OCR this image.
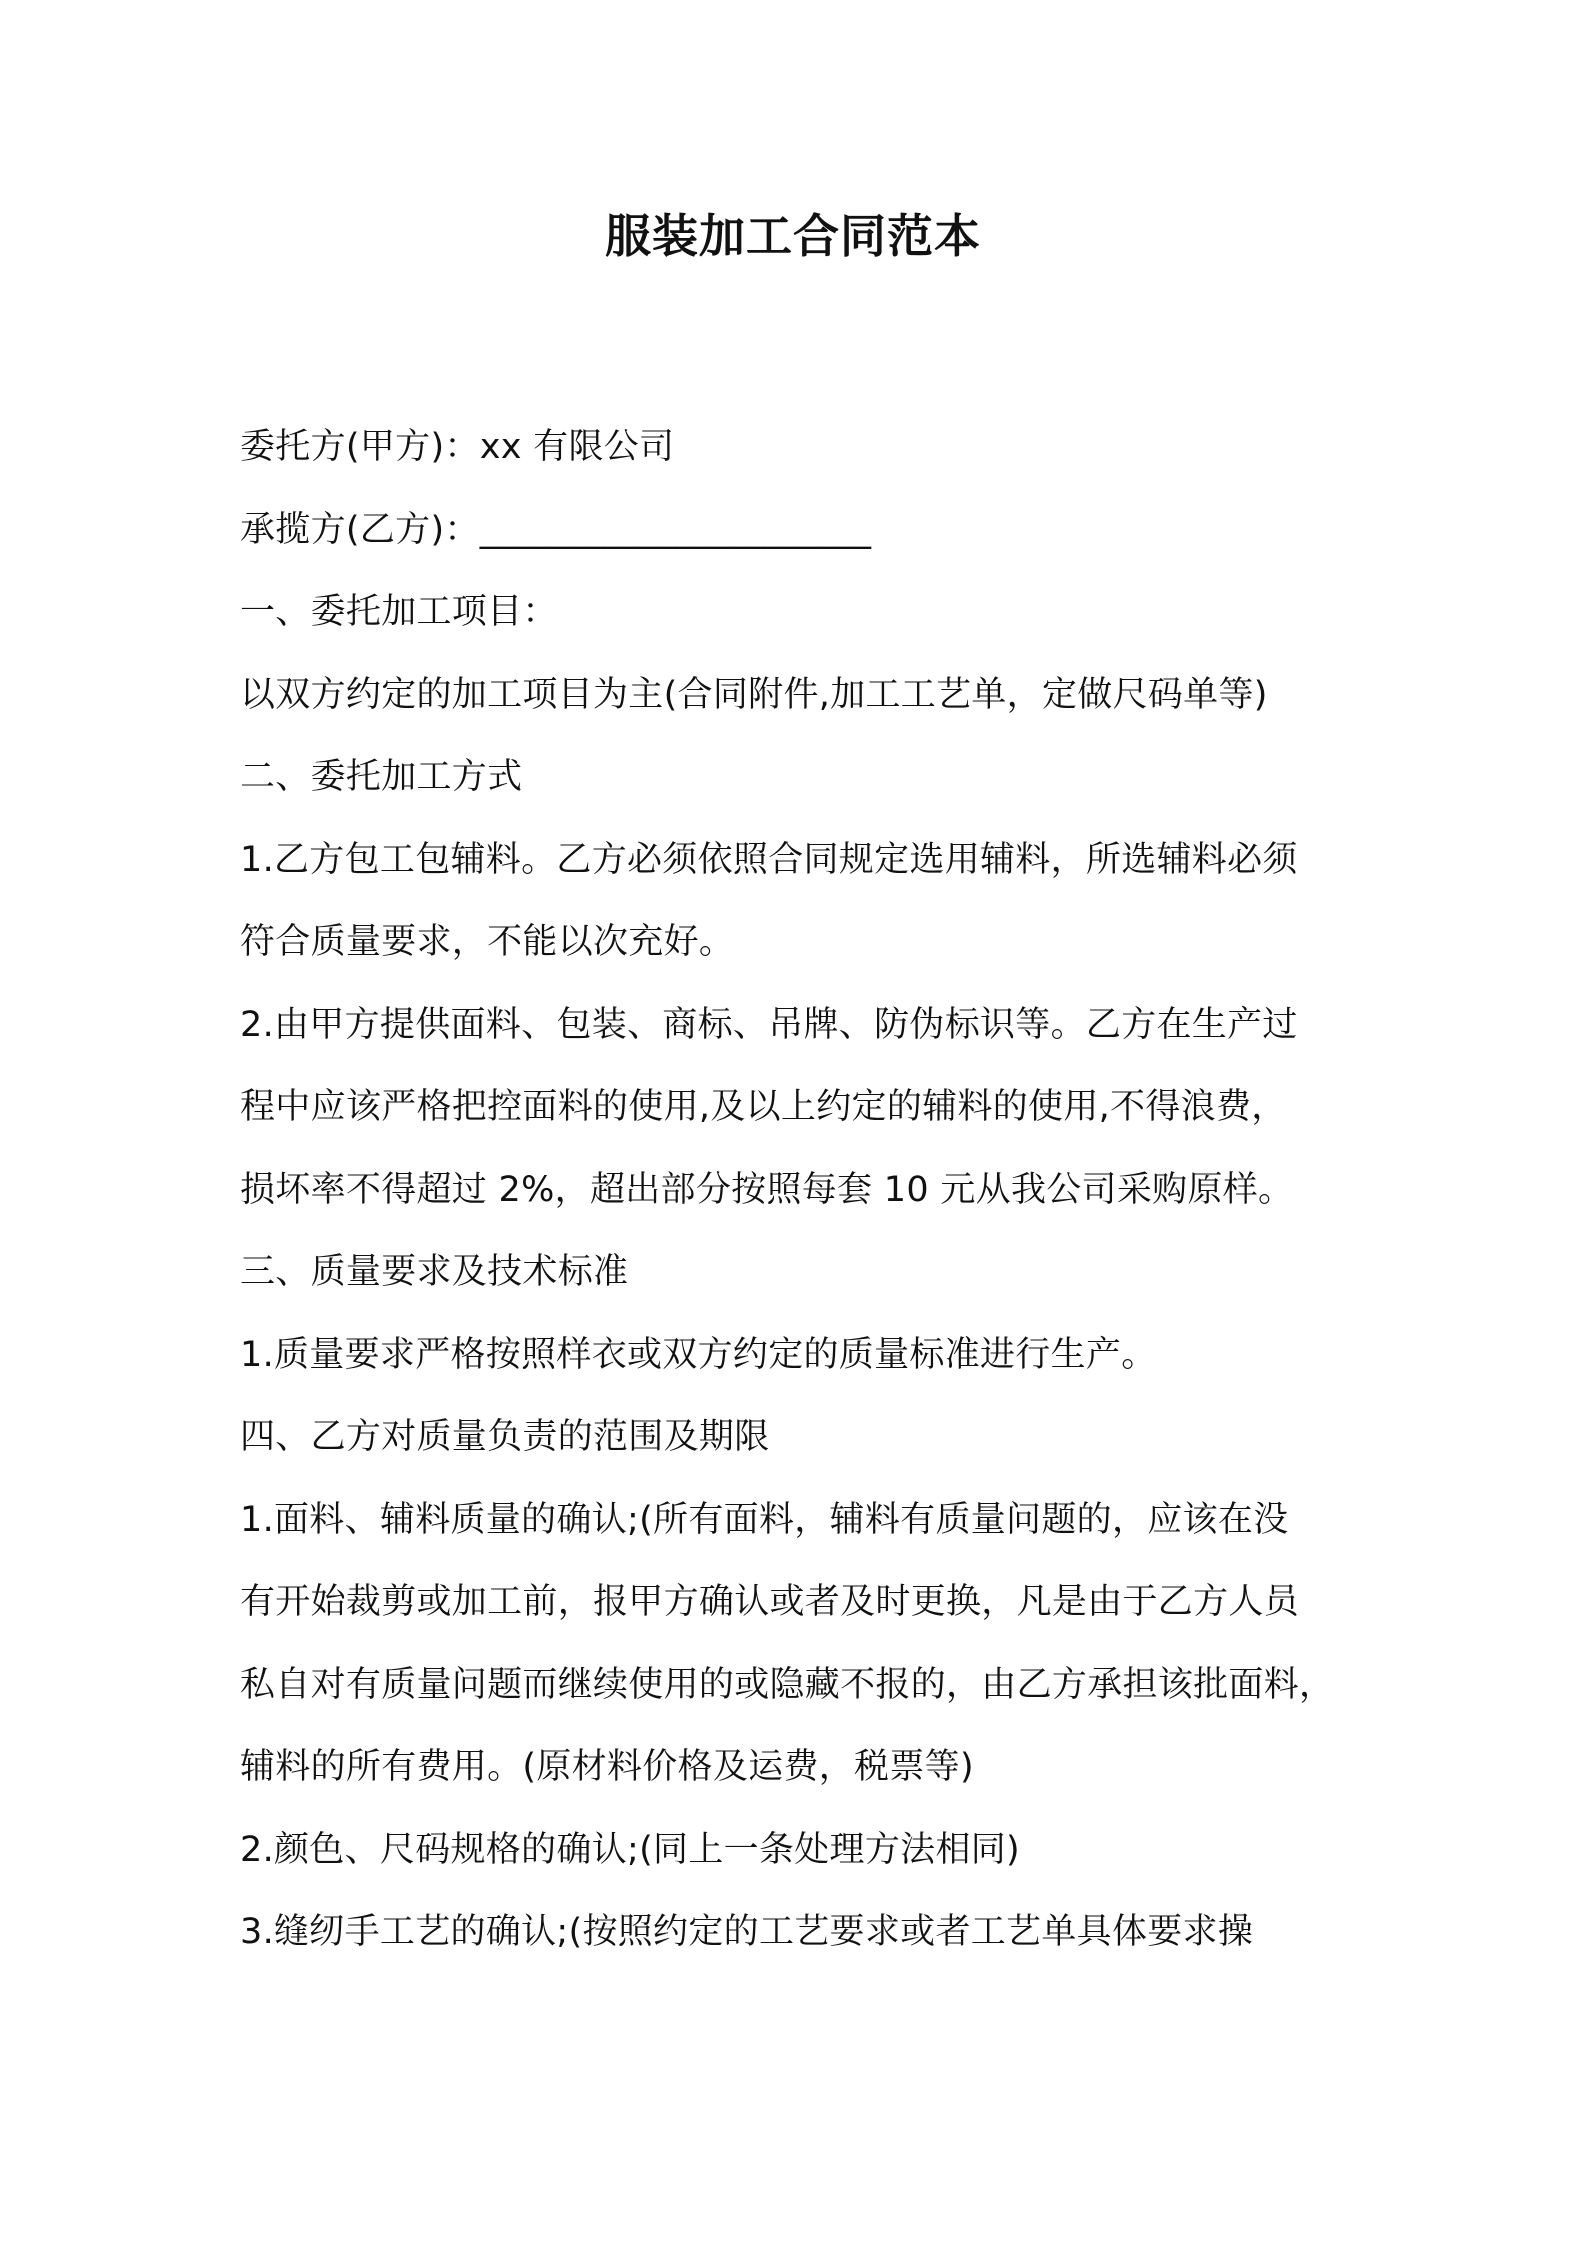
服装加工合同范本
委托方(甲方)：xx 有限公司
承揽方(乙方)：______________________
一、委托加工项目：
以双方约定的加工项目为主(合同附件,加工工艺单，定做尺码单等)
二、委托加工方式
1.乙方包工包辅料。乙方必须依照合同规定选用辅料，所选辅料必须
符合质量要求，不能以次充好。
2.由甲方提供面料、包装、商标、吊牌、防伪标识等。乙方在生产过
程中应该严格把控面料的使用,及以上约定的辅料的使用,不得浪费，
损坏率不得超过 2%，超出部分按照每套 10 元从我公司采购原样。
三、质量要求及技术标准
1.质量要求严格按照样衣或双方约定的质量标准进行生产。
四、乙方对质量负责的范围及期限
1.面料、辅料质量的确认;(所有面料，辅料有质量问题的，应该在没
有开始裁剪或加工前，报甲方确认或者及时更换，凡是由于乙方人员
私自对有质量问题而继续使用的或隐藏不报的，由乙方承担该批面料，
辅料的所有费用。(原材料价格及运费，税票等)
2.颜色、尺码规格的确认;(同上一条处理方法相同)
3.缝纫手工艺的确认;(按照约定的工艺要求或者工艺单具体要求操
